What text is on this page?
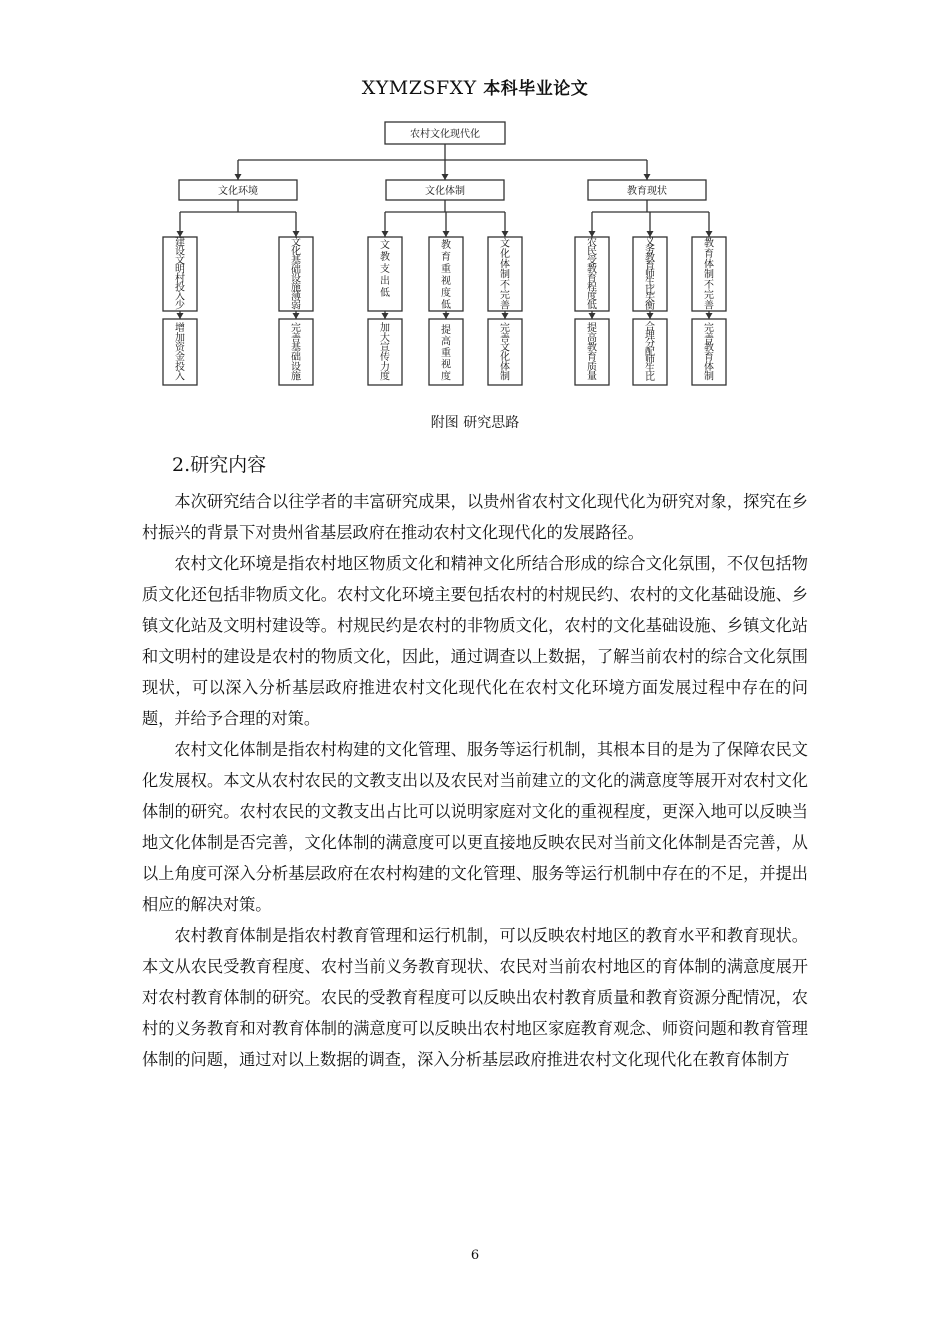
XYMZSFXY 本科毕业论文
农村文化现代化
文化环境
建
设
文
明
村
投
入
少
增
加
资
金
投
入
文
化
基
础
设
施
薄
弱
完
善
基
础
设
施
文化体制
文
教
支
出
低
加
大
宣
传
力
度
教
育
重
视
度
低
提
高
重
视
度
文
化
体
制
不
完
善
完
善
文
化
体
制
教育现状
农
民
受
教
育
程
度
低
提
高
教
育
质
量
义
务
教
育
师
生
比
失
衡
合
理
分
配
师
生
比
教
育
体
制
不
完
善
完
善
教
育
体
制
附图 研究思路
2.研究内容

本次研究结合以往学者的丰富研究成果，以贵州省农村文化现代化为研究对象，探究在乡村振兴的背景下对贵州省基层政府在推动农村文化现代化的发展路径。

农村文化环境是指农村地区物质文化和精神文化所结合形成的综合文化氛围，不仅包括物质文化还包括非物质文化。农村文化环境主要包括农村的村规民约、农村的文化基础设施、乡镇文化站及文明村建设等。村规民约是农村的非物质文化，农村的文化基础设施、乡镇文化站和文明村的建设是农村的物质文化，因此，通过调查以上数据，了解当前农村的综合文化氛围现状，可以深入分析基层政府推进农村文化现代化在农村文化环境方面发展过程中存在的问题，并给予合理的对策。

农村文化体制是指农村构建的文化管理、服务等运行机制，其根本目的是为了保障农民文化发展权。本文从农村农民的文教支出以及农民对当前建立的文化的满意度等展开对农村文化体制的研究。农村农民的文教支出占比可以说明家庭对文化的重视程度，更深入地可以反映当地文化体制是否完善，文化体制的满意度可以更直接地反映农民对当前文化体制是否完善，从以上角度可深入分析基层政府在农村构建的文化管理、服务等运行机制中存在的不足，并提出相应的解决对策。

农村教育体制是指农村教育管理和运行机制，可以反映农村地区的教育水平和教育现状。本文从农民受教育程度、农村当前义务教育现状、农民对当前农村地区的育体制的满意度展开对农村教育体制的研究。农民的受教育程度可以反映出农村教育质量和教育资源分配情况，农村的义务教育和对教育体制的满意度可以反映出农村地区家庭教育观念、师资问题和教育管理体制的问题，通过对以上数据的调查，深入分析基层政府推进农村文化现代化在教育体制方

6
